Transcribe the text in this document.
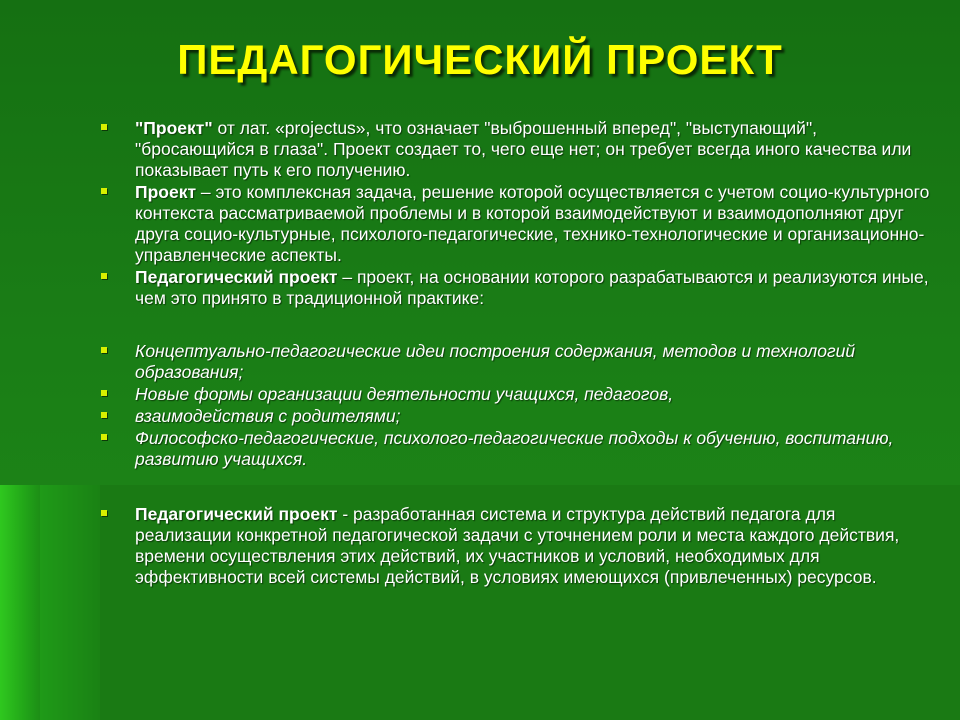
ПЕДАГОГИЧЕСКИЙ ПРОЕКТ
"Проект" от лат. «projectus», что означает "выброшенный вперед", "выступающий", "бросающийся в глаза". Проект создает то, чего еще нет; он требует всегда иного качества или показывает путь к его получению.
Проект – это комплексная задача, решение которой осуществляется с учетом социо-культурного контекста рассматриваемой проблемы и в которой взаимодействуют и взаимодополняют друг друга социо-культурные, психолого-педагогические, технико-технологические и организационно-управленческие аспекты.
Педагогический проект – проект, на основании которого разрабатываются и реализуются иные, чем это принято в традиционной практике:
Концептуально-педагогические идеи построения содержания, методов и технологий образования;
Новые формы организации деятельности учащихся, педагогов,
взаимодействия с родителями;
Философско-педагогические, психолого-педагогические подходы к обучению, воспитанию, развитию учащихся.
Педагогический проект - разработанная система и структура действий педагога для реализации конкретной педагогической задачи с уточнением роли и места каждого действия, времени осуществления этих действий, их участников и условий, необходимых для эффективности всей системы действий, в условиях имеющихся (привлеченных) ресурсов.
